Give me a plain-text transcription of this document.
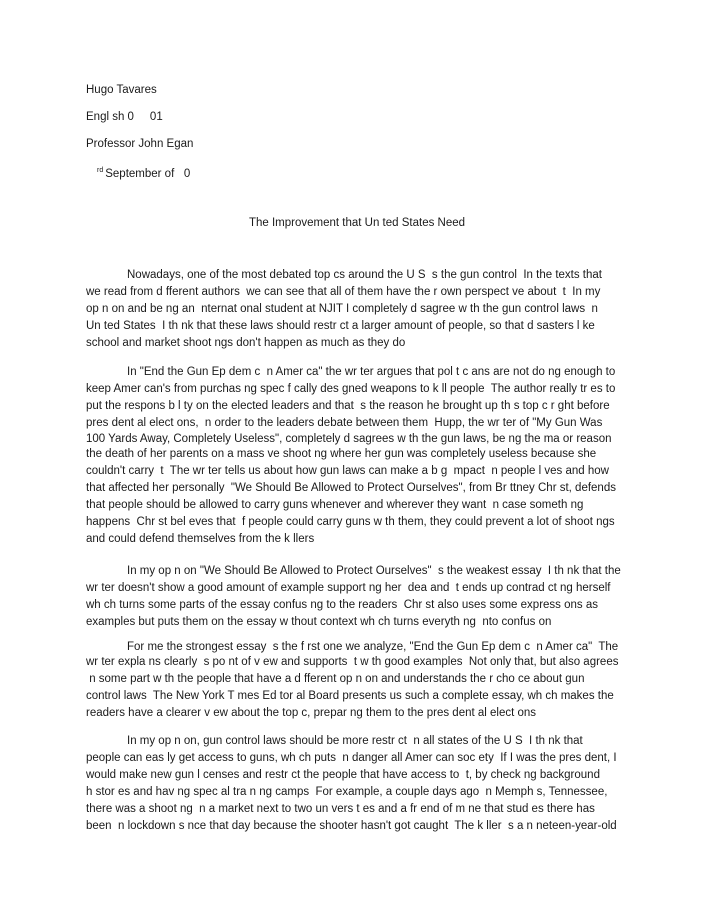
Hugo Tavares
Engl sh 0     01
Professor John Egan
$^{rd}$ September of   0
The Improvement that Un ted States Need
Nowadays, one of the most debated top cs around the U S  s the gun control  In the texts that
we read from d fferent authors  we can see that all of them have the r own perspect ve about  t  In my
op n on and be ng an  nternat onal student at NJIT I completely d sagree w th the gun control laws  n
Un ted States  I th nk that these laws should restr ct a larger amount of people, so that d sasters l ke
school and market shoot ngs don't happen as much as they do
In "End the Gun Ep dem c  n Amer ca" the wr ter argues that pol t c ans are not do ng enough to
keep Amer can's from purchas ng spec f cally des gned weapons to k ll people  The author really tr es to
put the respons b l ty on the elected leaders and that  s the reason he brought up th s top c r ght before
pres dent al elect ons,  n order to the leaders debate between them  Hupp, the wr ter of "My Gun Was
100 Yards Away, Completely Useless", completely d sagrees w th the gun laws, be ng the ma or reason
the death of her parents on a mass ve shoot ng where her gun was completely useless because she
couldn't carry  t  The wr ter tells us about how gun laws can make a b g  mpact  n people l ves and how
that affected her personally  "We Should Be Allowed to Protect Ourselves", from Br ttney Chr st, defends
that people should be allowed to carry guns whenever and wherever they want  n case someth ng
happens  Chr st bel eves that  f people could carry guns w th them, they could prevent a lot of shoot ngs
and could defend themselves from the k llers
In my op n on "We Should Be Allowed to Protect Ourselves"  s the weakest essay  I th nk that the
wr ter doesn't show a good amount of example support ng her  dea and  t ends up contrad ct ng herself
wh ch turns some parts of the essay confus ng to the readers  Chr st also uses some express ons as
examples but puts them on the essay w thout context wh ch turns everyth ng  nto confus on
For me the strongest essay  s the f rst one we analyze, "End the Gun Ep dem c  n Amer ca"  The
wr ter expla ns clearly  s po nt of v ew and supports  t w th good examples  Not only that, but also agrees
n some part w th the people that have a d fferent op n on and understands the r cho ce about gun
control laws  The New York T mes Ed tor al Board presents us such a complete essay, wh ch makes the
readers have a clearer v ew about the top c, prepar ng them to the pres dent al elect ons
In my op n on, gun control laws should be more restr ct  n all states of the U S  I th nk that
people can eas ly get access to guns, wh ch puts  n danger all Amer can soc ety  If I was the pres dent, I
would make new gun l censes and restr ct the people that have access to  t, by check ng background
h stor es and hav ng spec al tra n ng camps  For example, a couple days ago  n Memph s, Tennessee,
there was a shoot ng  n a market next to two un vers t es and a fr end of m ne that stud es there has
been  n lockdown s nce that day because the shooter hasn't got caught  The k ller  s a n neteen-year-old
